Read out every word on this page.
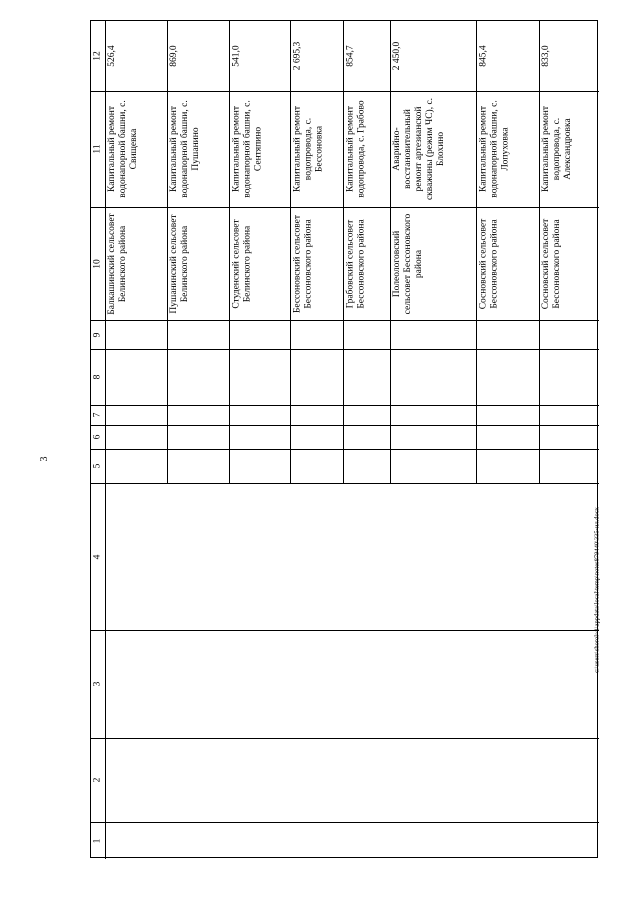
3
c:\users\shorol~1\appdata\local\temp\notes879440\335-ил.docx
12
11
10
9
8
7
6
5
4
3
2
1
526,4
Капитальный ремонт водонапорной башни, с. Свищевка
Балкашинский сельсовет Белинского района
869,0
Капитальный ремонт водонапорной башни, с. Пушанино
Пушанинский сельсовет Белинского района
541,0
Капитальный ремонт водонапорной башни, с. Сентяпино
Студенский сельсовет Белинского района
2 695,3
Капитальный ремонт водопровода, с. Бессоновка
Бессоновский сельсовет Бессоновского района
854,7
Капитальный ремонт водопровода, с. Грабово
Грабовский сельсовет Бессоновского района
2 450,0
Аварийно-восстановительный ремонт артезианской скважины (режим ЧС), с. Блохино
Полеологовский сельсовет Бессоновского района
845,4
Капитальный ремонт водонапорной башни, с. Лопуховка
Сосновский сельсовет Бессоновского района
833,0
Капитальный ремонт водопровода, с. Александровка
Сосновский сельсовет Бессоновского района
